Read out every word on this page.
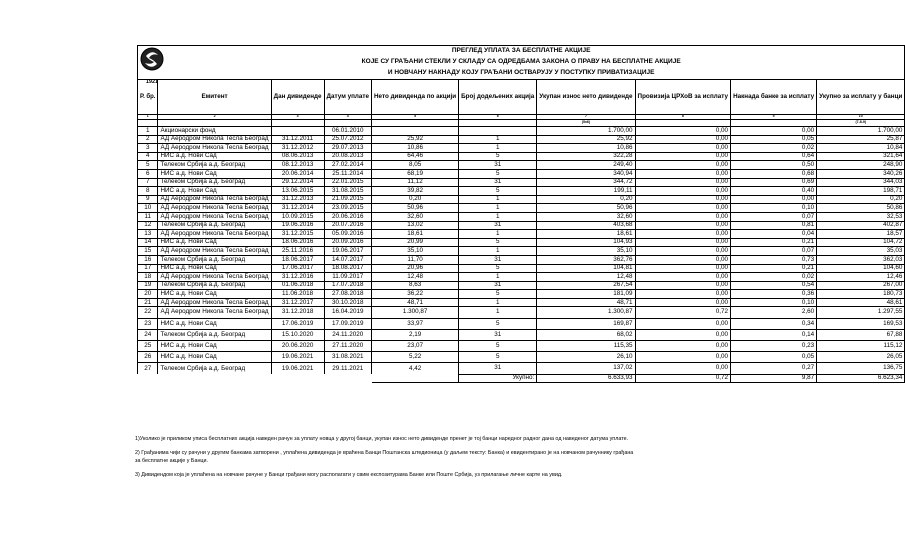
1921
ПРЕГЛЕД УПЛАТА ЗА БЕСПЛАТНЕ АКЦИЈЕ									
КОЈЕ СУ ГРАЂАНИ СТЕКЛИ У СКЛАДУ СА ОДРЕДБАМА ЗАКОНА О ПРАВУ НА БЕСПЛАТНЕ АКЦИЈЕ									
И НОВЧАНУ НАКНАДУ КОЈУ ГРАЂАНИ ОСТВАРУЈУ У ПОСТУПКУ ПРИВАТИЗАЦИЈЕ									
Р. бр.	Емитент	Дан дивиденде	Датум уплате	Нето дивиденда по акцији	Број додељених акција	Укупан износ нето дивиденде	Провизија ЦРХоВ за исплату	Накнада банке за исплату	Укупно за исплату у банци
1	2	3	4	5	6	7	8	9	10
						(5х6)			(7-8-9)
1	Акционарски фонд		06.01.2010			1.700,00	0,00	0,00	1.700,00
2	АД Аеродром Никола Тесла Београд	31.12.2011	25.07.2012	25,92	1	25,92	0,00	0,05	25,87
3	АД Аеродром Никола Тесла Београд	31.12.2012	29.07.2013	10,86	1	10,86	0,00	0,02	10,84
4	НИС а.д. Нови Сад	08.06.2013	20.08.2013	64,46	5	322,28	0,00	0,64	321,64
5	Телеком Србија а.д. Београд	08.12.2013	27.02.2014	8,05	31	249,40	0,00	0,50	248,90
6	НИС а.д. Нови Сад	20.06.2014	25.11.2014	68,19	5	340,94	0,00	0,68	340,26
7	Телеком Србија а.д. Београд	29.12.2014	22.01.2015	11,12	31	344,72	0,00	0,69	344,03
8	НИС а.д. Нови Сад	13.06.2015	31.08.2015	39,82	5	199,11	0,00	0,40	198,71
9	АД Аеродром Никола Тесла Београд	31.12.2013	21.09.2015	0,20	1	0,20	0,00	0,00	0,20
10	АД Аеродром Никола Тесла Београд	31.12.2014	23.09.2015	50,96	1	50,96	0,00	0,10	50,86
11	АД Аеродром Никола Тесла Београд	10.09.2015	20.06.2016	32,60	1	32,60	0,00	0,07	32,53
12	Телеком Србија а.д. Београд	19.06.2016	20.07.2016	13,02	31	403,68	0,00	0,81	402,87
13	АД Аеродром Никола Тесла Београд	31.12.2015	05.09.2016	18,61	1	18,61	0,00	0,04	18,57
14	НИС а.д. Нови Сад	18.06.2016	20.09.2016	20,99	5	104,93	0,00	0,21	104,72
15	АД Аеродром Никола Тесла Београд	25.11.2016	19.06.2017	35,10	1	35,10	0,00	0,07	35,03
16	Телеком Србија а.д. Београд	18.06.2017	14.07.2017	11,70	31	362,76	0,00	0,73	362,03
17	НИС а.д. Нови Сад	17.06.2017	18.08.2017	20,96	5	104,81	0,00	0,21	104,60
18	АД Аеродром Никола Тесла Београд	31.12.2016	11.09.2017	12,48	1	12,48	0,00	0,02	12,46
19	Телеком Србија а.д. Београд	01.06.2018	17.07.2018	8,63	31	267,54	0,00	0,54	267,00
20	НИС а.д. Нови Сад	11.06.2018	27.08.2018	36,22	5	181,09	0,00	0,36	180,73
21	АД Аеродром Никола Тесла Београд	31.12.2017	30.10.2018	48,71	1	48,71	0,00	0,10	48,61
22	АД Аеродром Никола Тесла Београд	31.12.2018	16.04.2019	1.300,87	1	1.300,87	0,72	2,60	1.297,55
23	НИС а.д. Нови Сад	17.06.2019	17.09.2019	33,97	5	169,87	0,00	0,34	169,53
24	Телеком Србија а.д. Београд	15.10.2020	24.11.2020	2,19	31	68,02	0,00	0,14	67,88
25	НИС а.д. Нови Сад	20.06.2020	27.11.2020	23,07	5	115,35	0,00	0,23	115,12
26	НИС а.д. Нови Сад	19.06.2021	31.08.2021	5,22	5	26,10	0,00	0,05	26,05
27	Телеком Србија а.д. Београд	19.06.2021	29.11.2021	4,42	31	137,02	0,00	0,27	136,75
					Укупно:	6.633,93	0,72	9,87	6.623,34

1)Уколико је приликом уписа бесплатних акција наведен рачун за уплату новца у другој банци, укупан износ нето дивиденде пренет је тој банци наредног радног дана од наведеног датума уплате.

2) Грађанима чији су рачуни у другим банкама затворени , уплаћена дивиденда је враћена Банци Поштанска штедионица (у даљем тексту: Банка) и евидентирано је на новчаном рачуннику грађана за бесплатне акције у Банци.

3) Дивидендом која је уплаћена на новчане рачуне у Банци грађани могу располагати у свим експозитурама Банке или Поште Србија, уз прилагање личне карте на увид.
